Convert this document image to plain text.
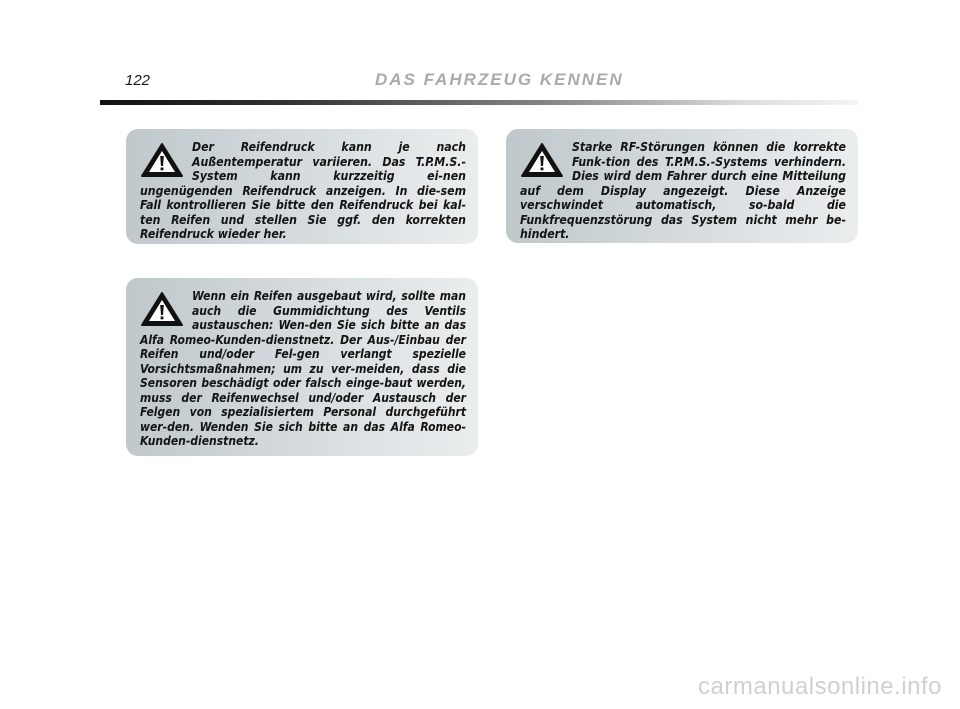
122	DAS FAHRZEUG KENNEN

Der Reifendruck kann je nach Außentemperatur variieren. Das T.P.M.S.-System kann kurzzeitig ei-nen ungenügenden Reifendruck anzeigen. In die-sem Fall kontrollieren Sie bitte den Reifendruck bei kal-ten Reifen und stellen Sie ggf. den korrekten Reifendruck wieder her.

Wenn ein Reifen ausgebaut wird, sollte man auch die Gummidichtung des Ventils austauschen: Wen-den Sie sich bitte an das Alfa Romeo-Kunden-dienstnetz. Der Aus-/Einbau der Reifen und/oder Fel-gen verlangt spezielle Vorsichtsmaßnahmen; um zu ver-meiden, dass die Sensoren beschädigt oder falsch einge-baut werden, muss der Reifenwechsel und/oder Austausch der Felgen von spezialisiertem Personal durchgeführt wer-den. Wenden Sie sich bitte an das Alfa Romeo-Kunden-dienstnetz.

Starke RF-Störungen können die korrekte Funk-tion des T.P.M.S.-Systems verhindern. Dies wird dem Fahrer durch eine Mitteilung auf dem Display angezeigt. Diese Anzeige verschwindet automatisch, so-bald die Funkfrequenzstörung das System nicht mehr be-hindert.

carmanualsonline.info
